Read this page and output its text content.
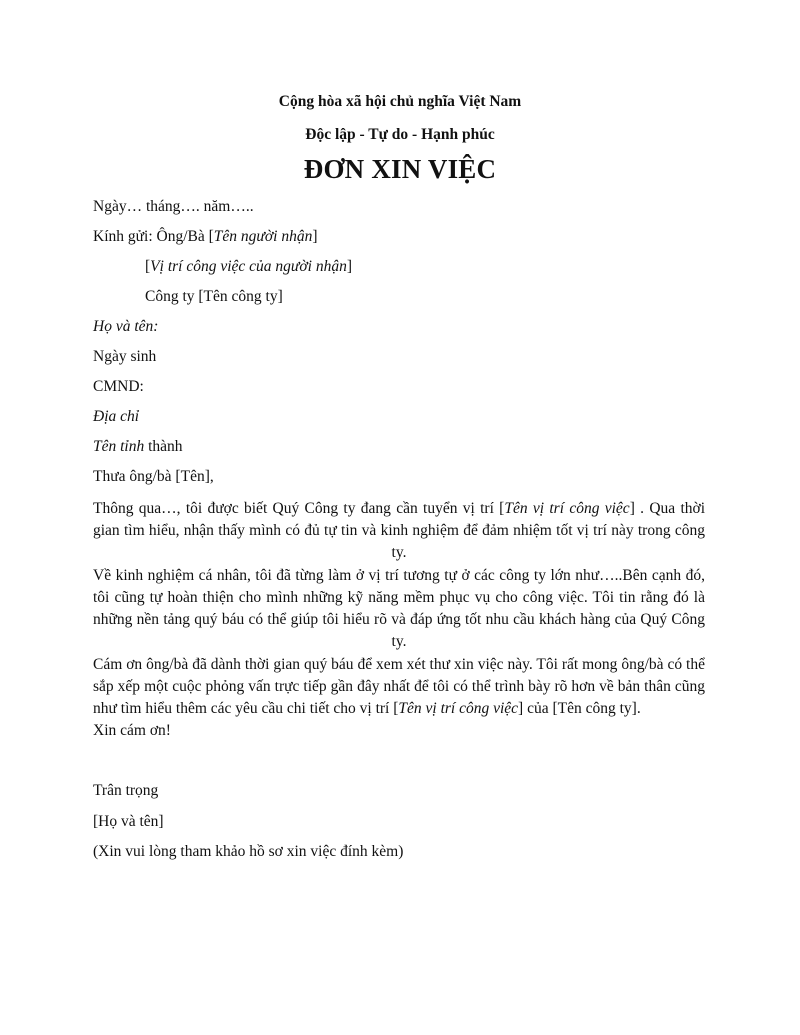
Cộng hòa xã hội chủ nghĩa Việt Nam

Độc lập - Tự do - Hạnh phúc

ĐƠN XIN VIỆC

Ngày… tháng…. năm…..

Kính gửi: Ông/Bà [Tên người nhận]

[Vị trí công việc của người nhận]

Công ty [Tên công ty]

Họ và tên:

Ngày sinh

CMND:

Địa chỉ

Tên tỉnh thành

Thưa ông/bà [Tên],

Thông qua…, tôi được biết Quý Công ty đang cần tuyển vị trí [Tên vị trí công việc] . Qua thời gian tìm hiểu, nhận thấy mình có đủ tự tin và kinh nghiệm để đảm nhiệm tốt vị trí này trong công ty.

Về kinh nghiệm cá nhân, tôi đã từng làm ở vị trí tương tự ở các công ty lớn như…..Bên cạnh đó, tôi cũng tự hoàn thiện cho mình những kỹ năng mềm phục vụ cho công việc. Tôi tin rằng đó là những nền tảng quý báu có thể giúp tôi hiểu rõ và đáp ứng tốt nhu cầu khách hàng của Quý Công ty.

Cám ơn ông/bà đã dành thời gian quý báu để xem xét thư xin việc này. Tôi rất mong ông/bà có thể sắp xếp một cuộc phỏng vấn trực tiếp gần đây nhất để tôi có thể trình bày rõ hơn về bản thân cũng như tìm hiểu thêm các yêu cầu chi tiết cho vị trí [Tên vị trí công việc] của [Tên công ty].

Xin cám ơn!

Trân trọng

[Họ và tên]

(Xin vui lòng tham khảo hồ sơ xin việc đính kèm)
